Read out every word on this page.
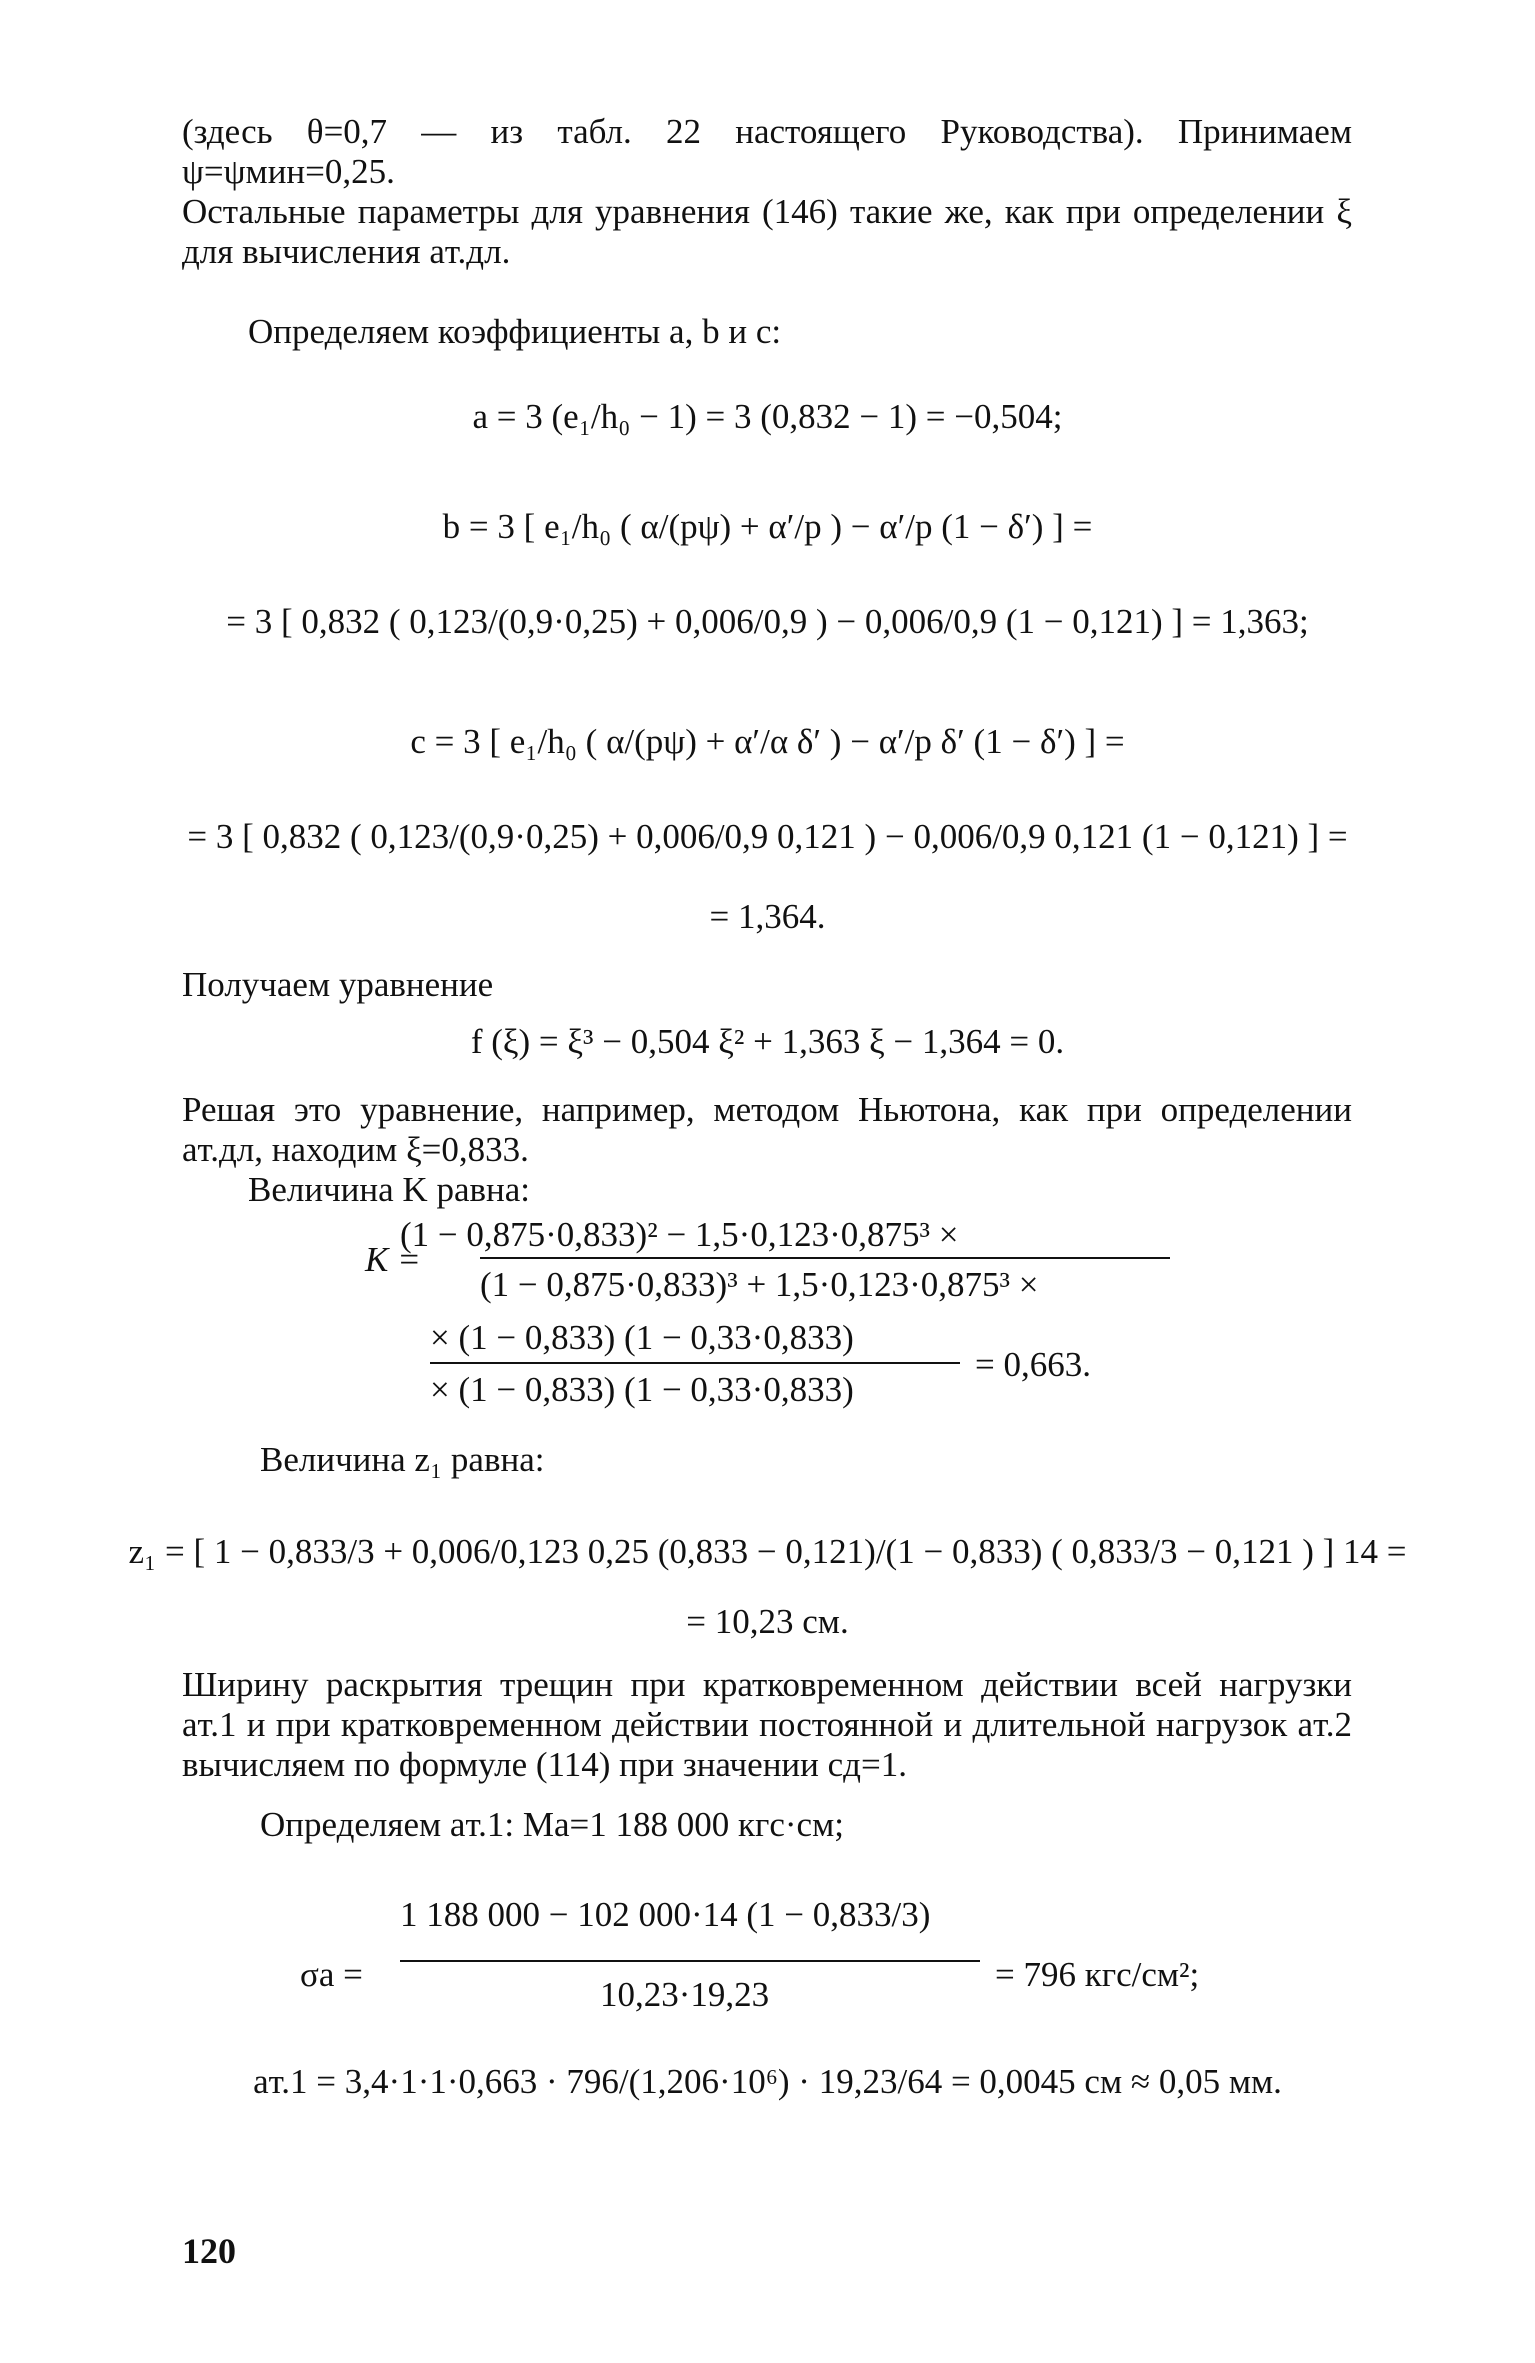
(здесь θ=0,7 — из табл. 22 настоящего Руководства). Принимаем ψ=ψмин=0,25.
Остальные параметры для уравнения (146) такие же, как при определении ξ для вычисления aт.дл.
Определяем коэффициенты a, b и c:
a = 3 (e₁/h₀ − 1) = 3 (0,832 − 1) = −0,504;
b = 3 [ e₁/h₀ ( α/(pψ) + α′/p ) − α′/p (1 − δ′) ] =
= 3 [ 0,832 ( 0,123/(0,9·0,25) + 0,006/0,9 ) − 0,006/0,9 (1 − 0,121) ] = 1,363;
c = 3 [ e₁/h₀ ( α/(pψ) + α′/α δ′ ) − α′/p δ′ (1 − δ′) ] =
= 3 [ 0,832 ( 0,123/(0,9·0,25) + 0,006/0,9 0,121 ) − 0,006/0,9 0,121 (1 − 0,121) ] =
= 1,364.
Получаем уравнение
f (ξ) = ξ³ − 0,504 ξ² + 1,363 ξ − 1,364 = 0.
Решая это уравнение, например, методом Ньютона, как при определении aт.дл, находим ξ=0,833.
Величина K равна:
(1 − 0,875·0,833)² − 1,5·0,123·0,875³ ×
K =
(1 − 0,875·0,833)³ + 1,5·0,123·0,875³ ×
× (1 − 0,833) (1 − 0,33·0,833)
× (1 − 0,833) (1 − 0,33·0,833)
= 0,663.
Величина z₁ равна:
z₁ = [ 1 − 0,833/3 + 0,006/0,123 0,25 (0,833 − 0,121)/(1 − 0,833) ( 0,833/3 − 0,121 ) ] 14 =
= 10,23 см.
Ширину раскрытия трещин при кратковременном действии всей нагрузки aт.1 и при кратковременном действии постоянной и длительной нагрузок aт.2 вычисляем по формуле (114) при значении cд=1.
Определяем aт.1: Mа=1 188 000 кгс·см;
1 188 000 − 102 000·14 (1 − 0,833/3)
σa =
10,23·19,23
= 796 кгс/см²;
aт.1 = 3,4·1·1·0,663 · 796/(1,206·10⁶) · 19,23/64 = 0,0045 см ≈ 0,05 мм.
120
